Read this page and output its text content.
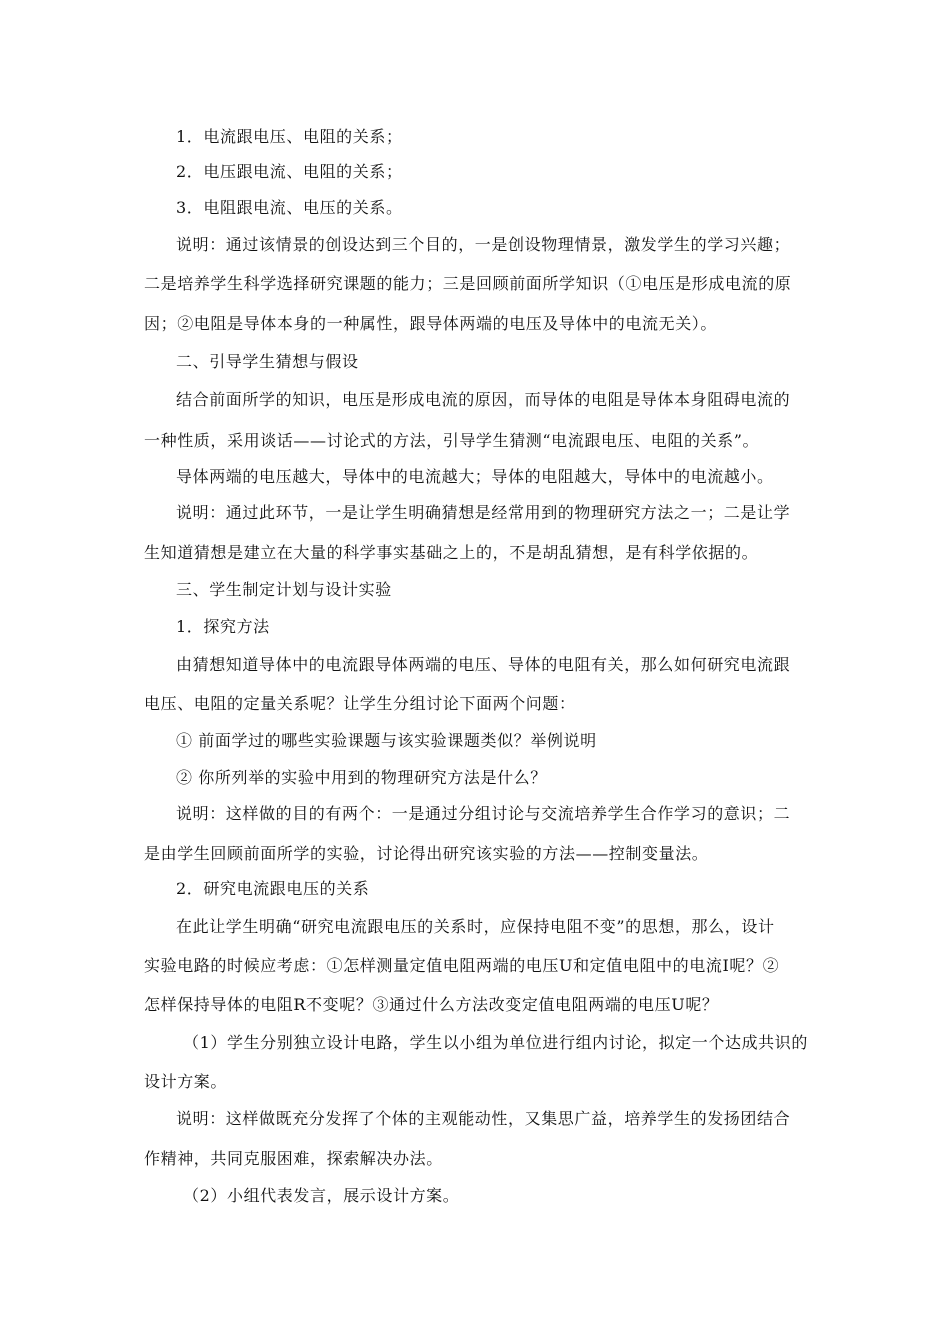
1．电流跟电压、电阻的关系；
2．电压跟电流、电阻的关系；
3．电阻跟电流、电压的关系。
说明：通过该情景的创设达到三个目的，一是创设物理情景，激发学生的学习兴趣；
二是培养学生科学选择研究课题的能力；三是回顾前面所学知识（①电压是形成电流的原
因；②电阻是导体本身的一种属性，跟导体两端的电压及导体中的电流无关）。
二、引导学生猜想与假设
结合前面所学的知识，电压是形成电流的原因，而导体的电阻是导体本身阻碍电流的
一种性质，采用谈话——讨论式的方法，引导学生猜测“电流跟电压、电阻的关系”。
导体两端的电压越大，导体中的电流越大；导体的电阻越大，导体中的电流越小。
说明：通过此环节，一是让学生明确猜想是经常用到的物理研究方法之一；二是让学
生知道猜想是建立在大量的科学事实基础之上的，不是胡乱猜想，是有科学依据的。
三、学生制定计划与设计实验
1．探究方法
由猜想知道导体中的电流跟导体两端的电压、导体的电阻有关，那么如何研究电流跟
电压、电阻的定量关系呢？让学生分组讨论下面两个问题：
① 前面学过的哪些实验课题与该实验课题类似？举例说明
② 你所列举的实验中用到的物理研究方法是什么？
说明：这样做的目的有两个：一是通过分组讨论与交流培养学生合作学习的意识；二
是由学生回顾前面所学的实验，讨论得出研究该实验的方法——控制变量法。
2．研究电流跟电压的关系
在此让学生明确“研究电流跟电压的关系时，应保持电阻不变”的思想，那么，设计
实验电路的时候应考虑：①怎样测量定值电阻两端的电压U和定值电阻中的电流I呢？②
怎样保持导体的电阻R不变呢？③通过什么方法改变定值电阻两端的电压U呢？
（1）学生分别独立设计电路，学生以小组为单位进行组内讨论，拟定一个达成共识的
设计方案。
说明：这样做既充分发挥了个体的主观能动性，又集思广益，培养学生的发扬团结合
作精神，共同克服困难，探索解决办法。
（2）小组代表发言，展示设计方案。
